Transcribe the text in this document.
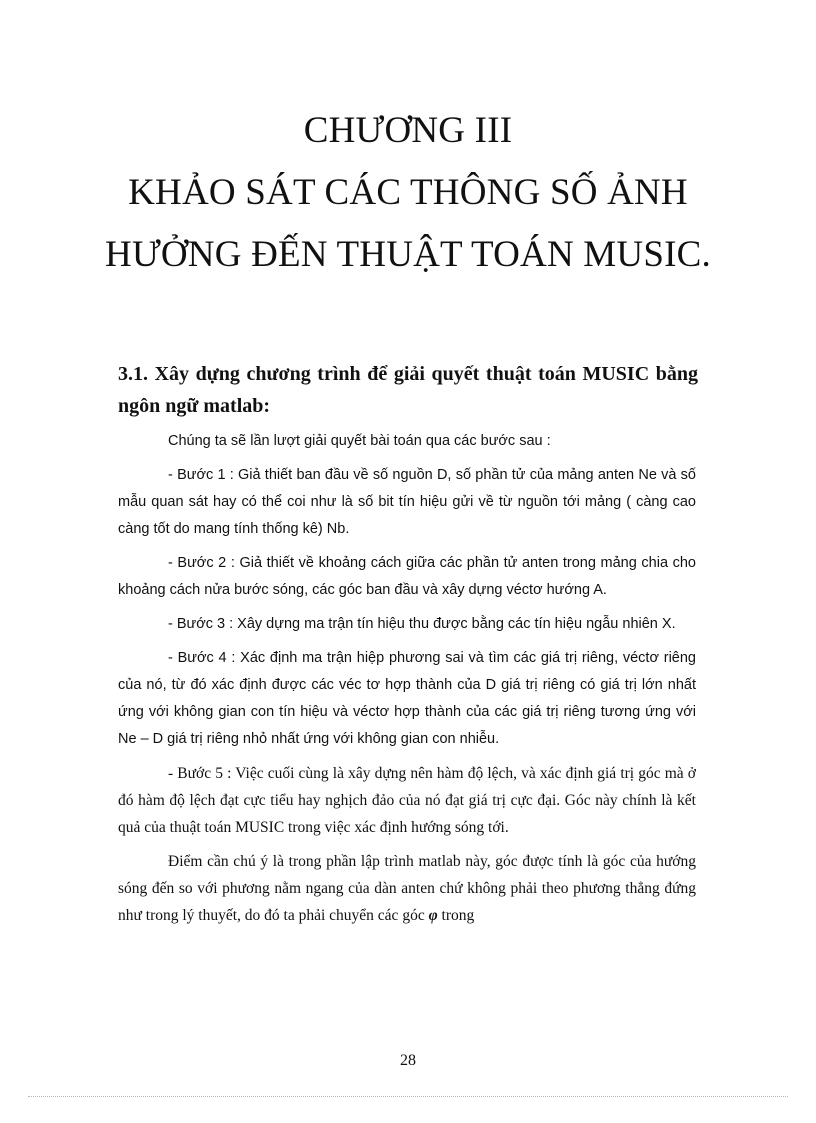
CHƯƠNG III
KHẢO SÁT CÁC THÔNG SỐ ẢNH
HƯỞNG ĐẾN THUẬT TOÁN MUSIC.
3.1. Xây dựng chương trình để giải quyết thuật toán MUSIC bằng ngôn ngữ matlab:

Chúng ta sẽ lần lượt giải quyết bài toán qua các bước sau :

- Bước 1 : Giả thiết ban đầu về số nguồn D, số phần tử của mảng anten Ne và số mẫu quan sát hay có thể coi như là số bit tín hiệu gửi về từ nguồn tới mảng ( càng cao càng tốt do mang tính thống kê) Nb.

- Bước 2 : Giả thiết về khoảng cách giữa các phần tử anten trong mảng chia cho khoảng cách nửa bước sóng, các góc ban đầu và xây dựng véctơ hướng A.

- Bước 3 : Xây dựng ma trận tín hiệu thu được bằng các tín hiệu ngẫu nhiên X.

- Bước 4 : Xác định ma trận hiệp phương sai và tìm các giá trị riêng, véctơ riêng của nó, từ đó xác định được các véc tơ hợp thành của D giá trị riêng có giá trị lớn nhất ứng với không gian con tín hiệu và véctơ hợp thành của các giá trị riêng tương ứng với Ne – D giá trị riêng nhỏ nhất ứng với không gian con nhiễu.

- Bước 5 : Việc cuối cùng là xây dựng nên hàm độ lệch, và xác định giá trị góc mà ở đó hàm độ lệch đạt cực tiểu hay nghịch đảo của nó đạt giá trị cực đại. Góc này chính là kết quả của thuật toán MUSIC trong việc xác định hướng sóng tới.

Điểm cần chú ý là trong phần lập trình matlab này, góc được tính là góc của hướng sóng đến so với phương nằm ngang của dàn anten chứ không phải theo phương thẳng đứng như trong lý thuyết, do đó ta phải chuyển các góc φ trong

28
